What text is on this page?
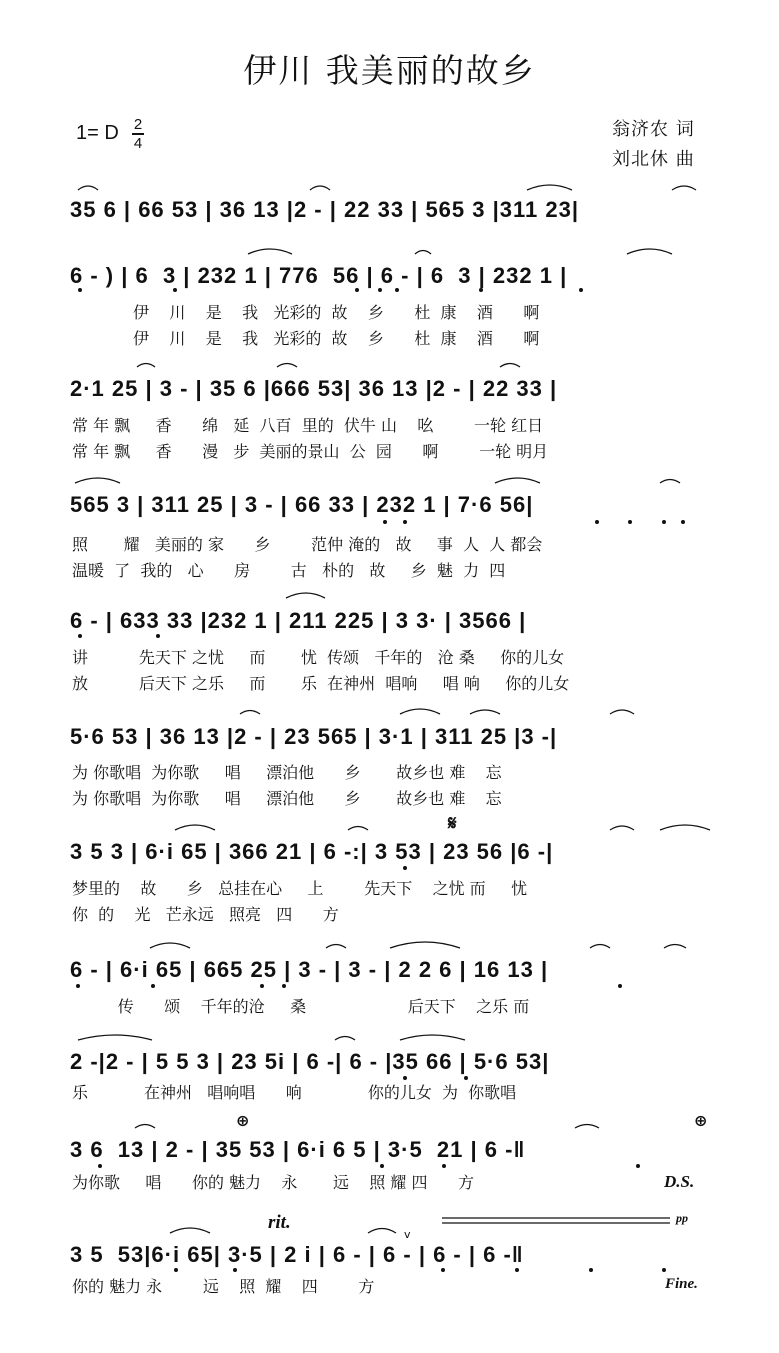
伊川 我美丽的故乡
1= D 2
4
翁济农 词
刘北休 曲
35 6 | 66 53 | 36 13 |2 - | 22 33 | 565 3 |311 23|
6 - ) | 6  3 | 232 1 | 776  56 | 6 - | 6  3 | 232 1 |
伊    川    是    我   光彩的  故    乡      杜  康    酒      啊
伊    川    是    我   光彩的  故    乡      杜  康    酒      啊
2·1 25 | 3 - | 35 6 |666 53| 36 13 |2 - | 22 33 |
常 年 飘     香      绵   延  八百  里的  伏牛 山    吆        一轮 红日
常 年 飘     香      漫   步  美丽的景山  公  园      啊        一轮 明月
565 3 | 311 25 | 3 - | 66 33 | 232 1 | 7·6 56|
照       耀   美丽的 家      乡        范仲 淹的   故     事  人  人 都会
温暖  了  我的   心      房        古   朴的   故     乡  魅  力  四
6 - | 633 33 |232 1 | 211 225 | 3 3· | 3566 |
讲          先天下 之忧     而       忧  传颂   千年的   沧 桑     你的儿女
放          后天下 之乐     而       乐  在神州  唱响     唱 响     你的儿女
5·6 53 | 36 13 |2 - | 23 565 | 3·1 | 311 25 |3 -|
为 你歌唱  为你歌     唱     漂泊他      乡       故乡也 难    忘
为 你歌唱  为你歌     唱     漂泊他      乡       故乡也 难    忘
3 5 3 | 6·i 65 | 366 21 | 6 -:| 3 53 | 23 56 |6 -|
梦里的    故      乡   总挂在心     上        先天下    之忧 而     忧
你  的    光   芒永远   照亮   四      方
6 - | 6·i 65 | 665 25 | 3 - | 3 - | 2 2 6 | 16 13 |
传      颂    千年的沧     桑                    后天下    之乐 而
2 -|2 - | 5 5 3 | 23 5i | 6 -| 6 - |35 66 | 5·6 53|
乐           在神州   唱响唱      响             你的儿女  为  你歌唱
3 6  13 | 2 - | 35 53 | 6·i 6 5 | 3·5  21 | 6 -‖
为你歌     唱      你的 魅力    永       远    照 耀 四      方
3 5  53|6·i 65| 3·5 | 2 i | 6 - | 6 - | 6 - | 6 -‖
你的 魅力 永        远    照  耀    四        方
D.S.
rit.	pp
Fine.
𝄋
⊕	⊕
v
